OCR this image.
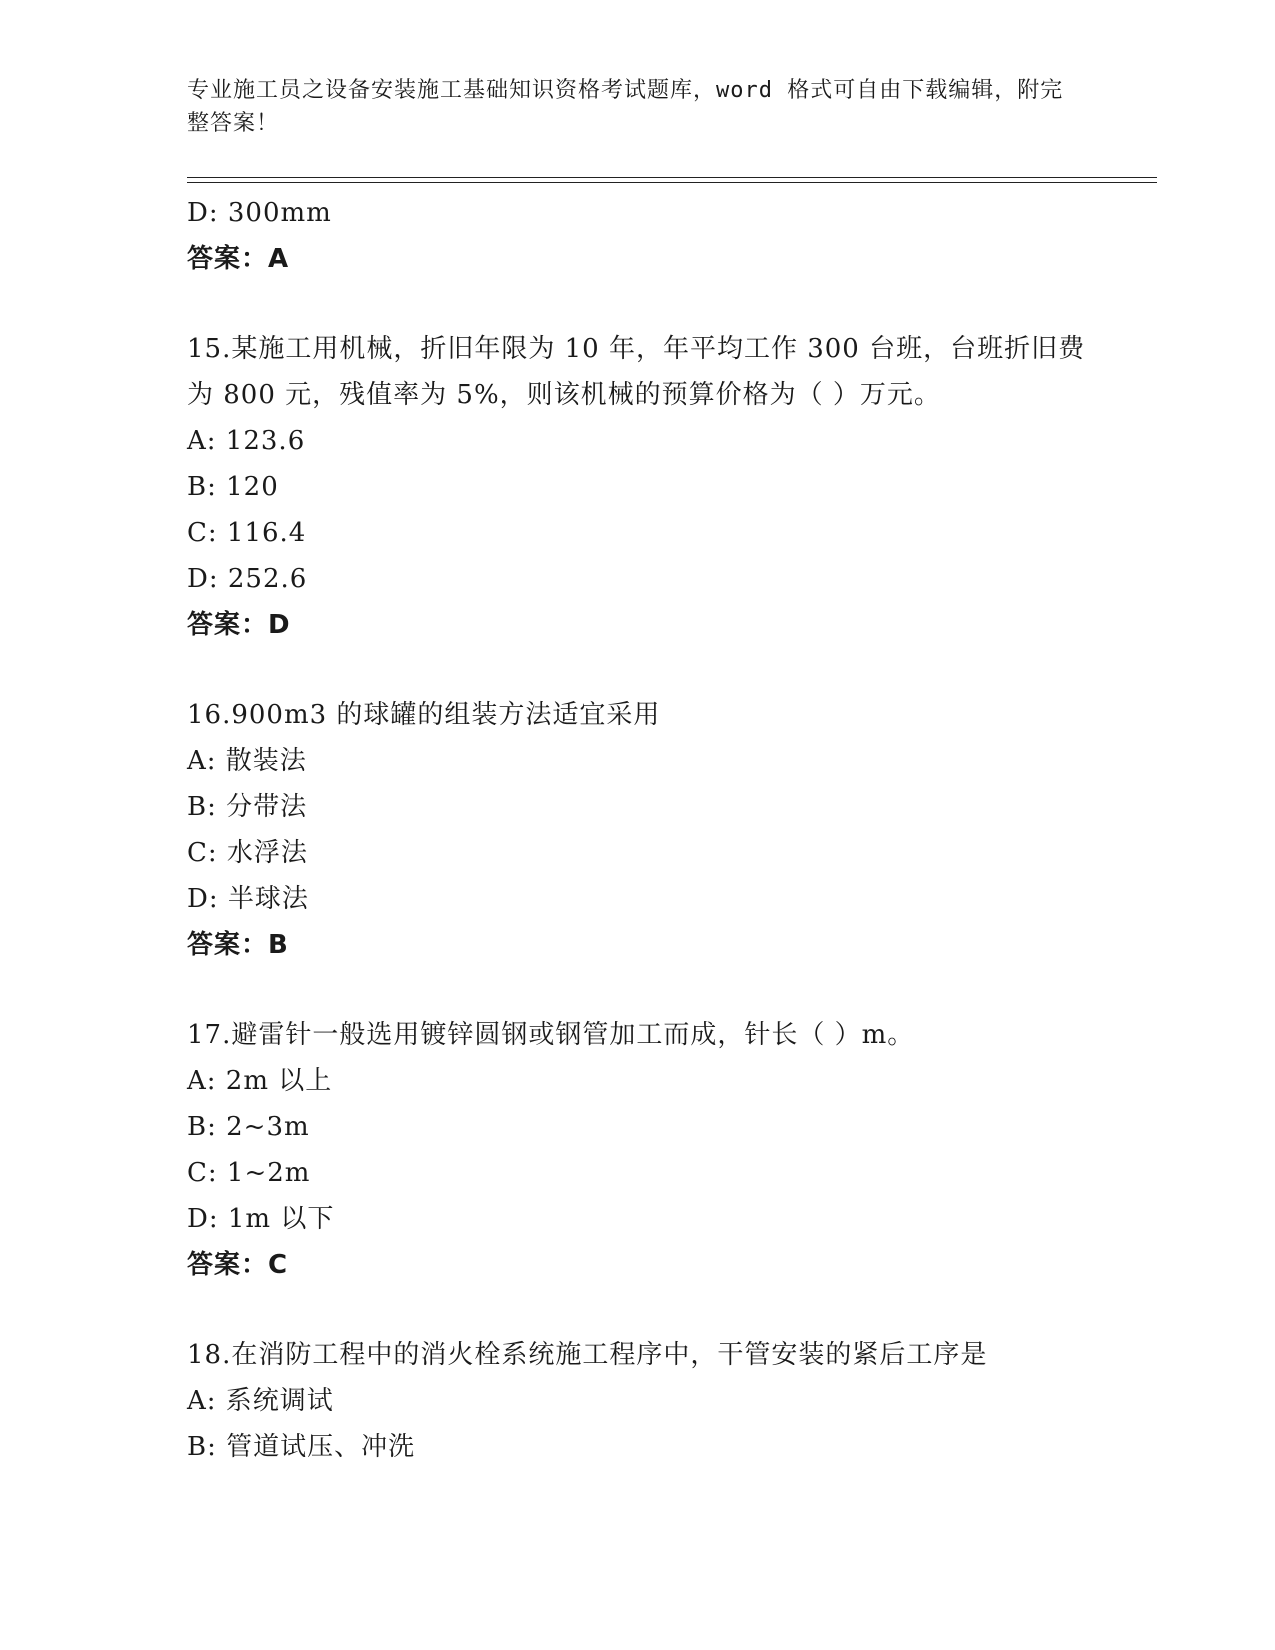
专业施工员之设备安装施工基础知识资格考试题库，word 格式可自由下载编辑，附完整答案！
D: 300mm
答案：A
15.某施工用机械，折旧年限为 10 年，年平均工作 300 台班，台班折旧费为 800 元，残值率为 5%，则该机械的预算价格为（ ）万元。
A: 123.6
B: 120
C: 116.4
D: 252.6
答案：D
16.900m3 的球罐的组装方法适宜采用
A: 散装法
B: 分带法
C: 水浮法
D: 半球法
答案：B
17.避雷针一般选用镀锌圆钢或钢管加工而成，针长（ ）m。
A: 2m 以上
B: 2~3m
C: 1~2m
D: 1m 以下
答案：C
18.在消防工程中的消火栓系统施工程序中，干管安装的紧后工序是
A: 系统调试
B: 管道试压、冲洗
